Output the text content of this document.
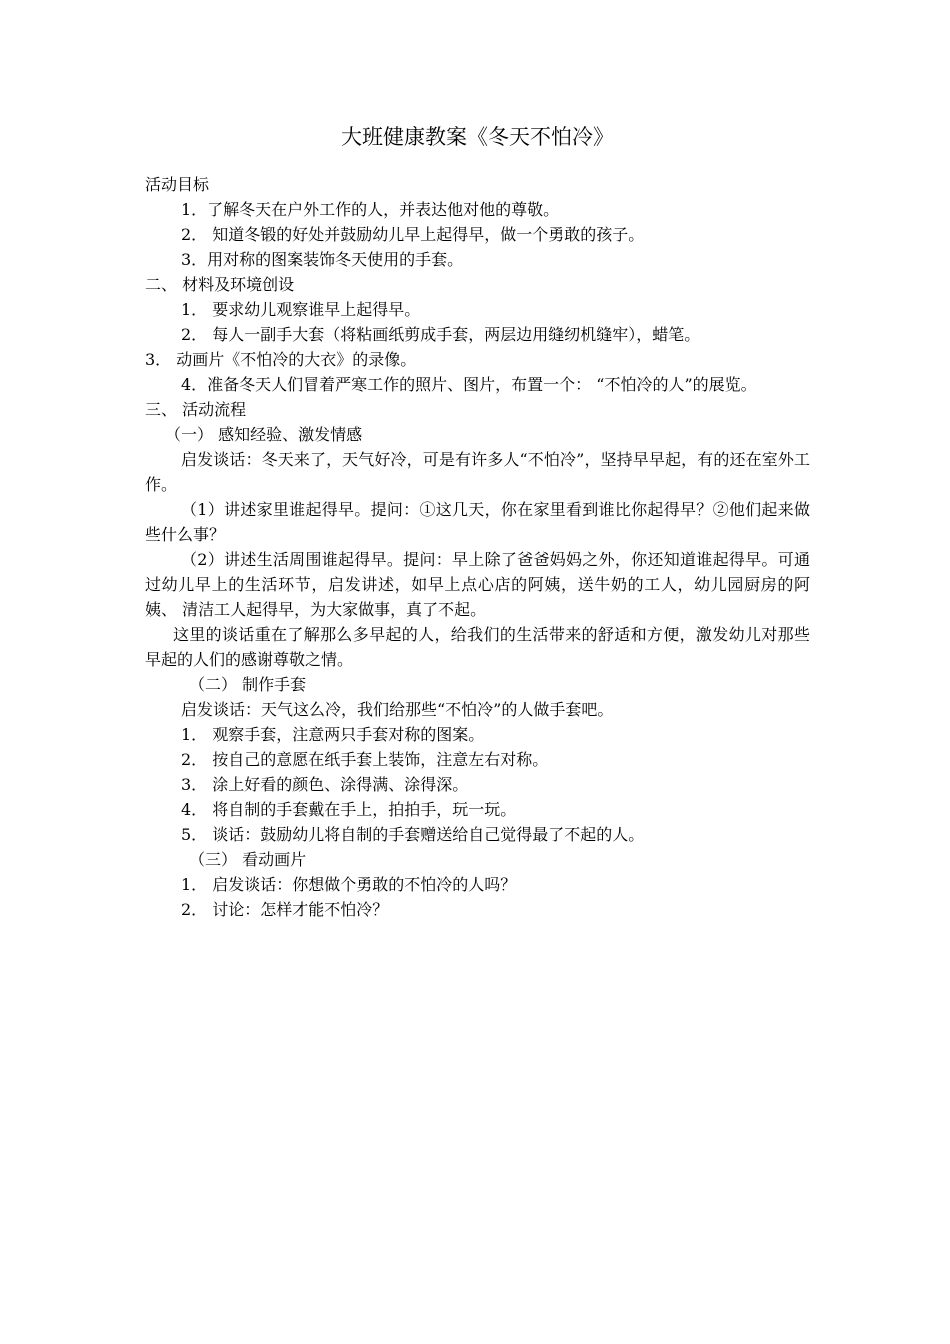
大班健康教案《冬天不怕冷》

活动目标

1．了解冬天在户外工作的人，并表达他对他的尊敬。

2． 知道冬锻的好处并鼓励幼儿早上起得早，做一个勇敢的孩子。

3．用对称的图案装饰冬天使用的手套。

二、 材料及环境创设

1． 要求幼儿观察谁早上起得早。

2． 每人一副手大套（将粘画纸剪成手套，两层边用缝纫机缝牢），蜡笔。

3． 动画片《不怕冷的大衣》的录像。

4．准备冬天人们冒着严寒工作的照片、图片，布置一个： “不怕冷的人”的展览。

三、 活动流程

（一） 感知经验、激发情感

启发谈话：冬天来了，天气好冷，可是有许多人“不怕冷”，坚持早早起，有的还在室外工作。

（1）讲述家里谁起得早。提问：①这几天，你在家里看到谁比你起得早？②他们起来做些什么事？

（2）讲述生活周围谁起得早。提问：早上除了爸爸妈妈之外，你还知道谁起得早。可通过幼儿早上的生活环节，启发讲述，如早上点心店的阿姨，送牛奶的工人，幼儿园厨房的阿姨、 清洁工人起得早，为大家做事，真了不起。

这里的谈话重在了解那么多早起的人，给我们的生活带来的舒适和方便，激发幼儿对那些早起的人们的感谢尊敬之情。

（二） 制作手套

启发谈话：天气这么冷，我们给那些“不怕冷”的人做手套吧。

1． 观察手套，注意两只手套对称的图案。

2． 按自己的意愿在纸手套上装饰，注意左右对称。

3． 涂上好看的颜色、涂得满、涂得深。

4． 将自制的手套戴在手上，拍拍手，玩一玩。

5． 谈话：鼓励幼儿将自制的手套赠送给自己觉得最了不起的人。

（三） 看动画片

1． 启发谈话：你想做个勇敢的不怕冷的人吗？

2． 讨论：怎样才能不怕冷？
